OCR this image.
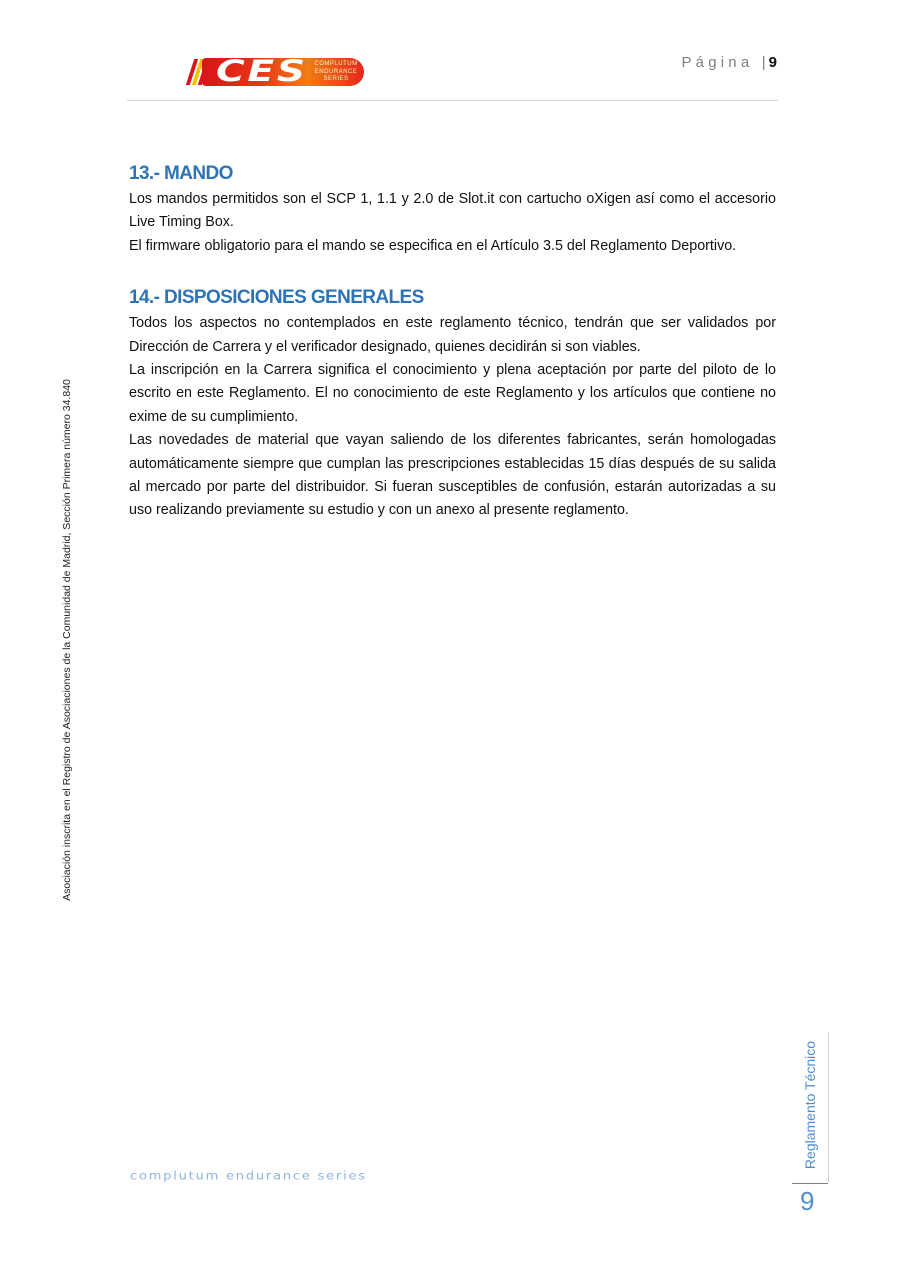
CES COMPLUTUM
ENDURANCE
SERIES
Página | 9
13.- MANDO

Los mandos permitidos son el SCP 1, 1.1 y 2.0 de Slot.it con cartucho oXigen así como el accesorio Live Timing Box.

El firmware obligatorio para el mando se especifica en el Artículo 3.5 del Reglamento Deportivo.

14.- DISPOSICIONES GENERALES

Todos los aspectos no contemplados en este reglamento técnico, tendrán que ser validados por Dirección de Carrera y el verificador designado, quienes decidirán si son viables.

La inscripción en la Carrera significa el conocimiento y plena aceptación por parte del piloto de lo escrito en este Reglamento. El no conocimiento de este Reglamento y los artículos que contiene no exime de su cumplimiento.

Las novedades de material que vayan saliendo de los diferentes fabricantes, serán homologadas automáticamente siempre que cumplan las prescripciones establecidas 15 días después de su salida al mercado por parte del distribuidor. Si fueran susceptibles de confusión, estarán autorizadas a su uso realizando previamente su estudio y con un anexo al presente reglamento.

Asociación inscrita en el Registro de Asociaciones de la Comunidad de Madrid, Sección Primera número 34.840
complutum endurance series
Reglamento Técnico
9
